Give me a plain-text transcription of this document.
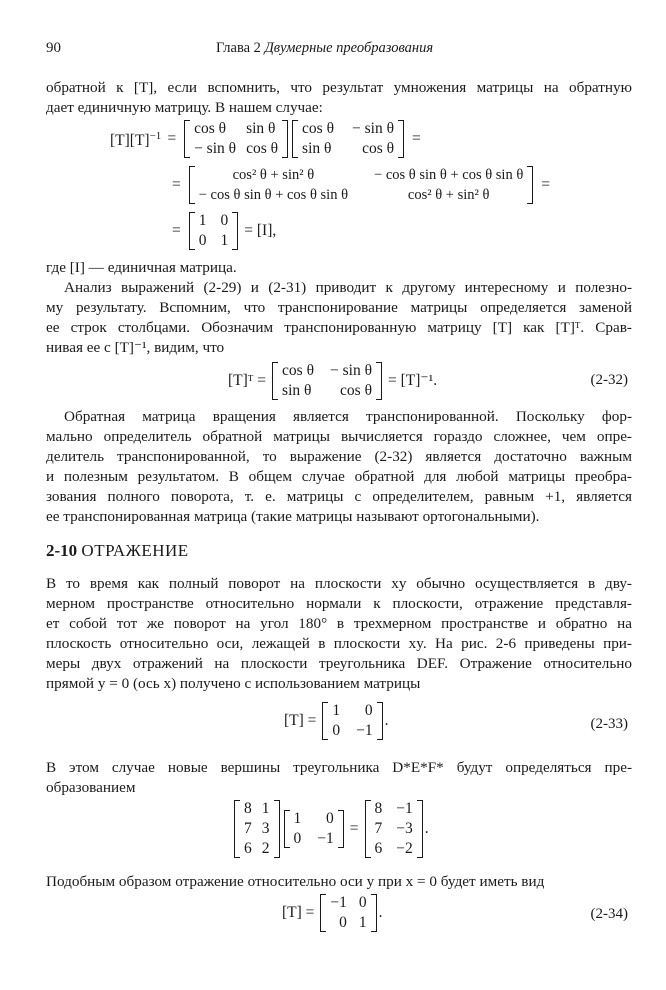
90	Глава 2 Двумерные преобразования
обратной к [T], если вспомнить, что результат умножения матрицы на обратную
дает единичную матрицу. В нашем случае:
$[T][T]^{-1}$ =
cos θ	sin θ
− sin θ cos θ
cos θ − sin θ
sin θ	cos θ
=
=
cos² θ + sin² θ	− cos θ sin θ + cos θ sin θ
− cos θ sin θ + cos θ sin θ	cos² θ + sin² θ
=
=
1 0
0 1
= [I],
где [I] — единичная матрица.
Анализ выражений (2-29) и (2-31) приводит к другому интересному и полезно-
му результату. Вспомним, что транспонирование матрицы определяется заменой
ее строк столбцами. Обозначим транспонированную матрицу [T] как [T]ᵀ. Срав-
нивая ее с [T]⁻¹, видим, что
[T]ᵀ =
cos θ − sin θ
sin θ	cos θ
= [T]⁻¹.	(2-32)
Обратная матрица вращения является транспонированной. Поскольку фор-
мально определитель обратной матрицы вычисляется гораздо сложнее, чем опре-
делитель транспонированной, то выражение (2-32) является достаточно важным
и полезным результатом. В общем случае обратной для любой матрицы преобра-
зования полного поворота, т. е. матрицы с определителем, равным +1, является
ее транспонированная матрица (такие матрицы называют ортогональными).
2-10 ОТРАЖЕНИЕ
В то время как полный поворот на плоскости xy обычно осуществляется в дву-
мерном пространстве относительно нормали к плоскости, отражение представля-
ет собой тот же поворот на угол 180° в трехмерном пространстве и обратно на
плоскость относительно оси, лежащей в плоскости xy. На рис. 2-6 приведены при-
меры двух отражений на плоскости треугольника DEF. Отражение относительно
прямой y = 0 (ось x) получено с использованием матрицы
[T] =
1	0
0 −1
.	(2-33)
В этом случае новые вершины треугольника D*E*F* будут определяться пре-
образованием
8 1
7 3
6 2
1	0
0 −1
=
8 −1
7 −3
6 −2
.
Подобным образом отражение относительно оси y при x = 0 будет иметь вид
[T] =
−1 0
0 1
.	(2-34)
